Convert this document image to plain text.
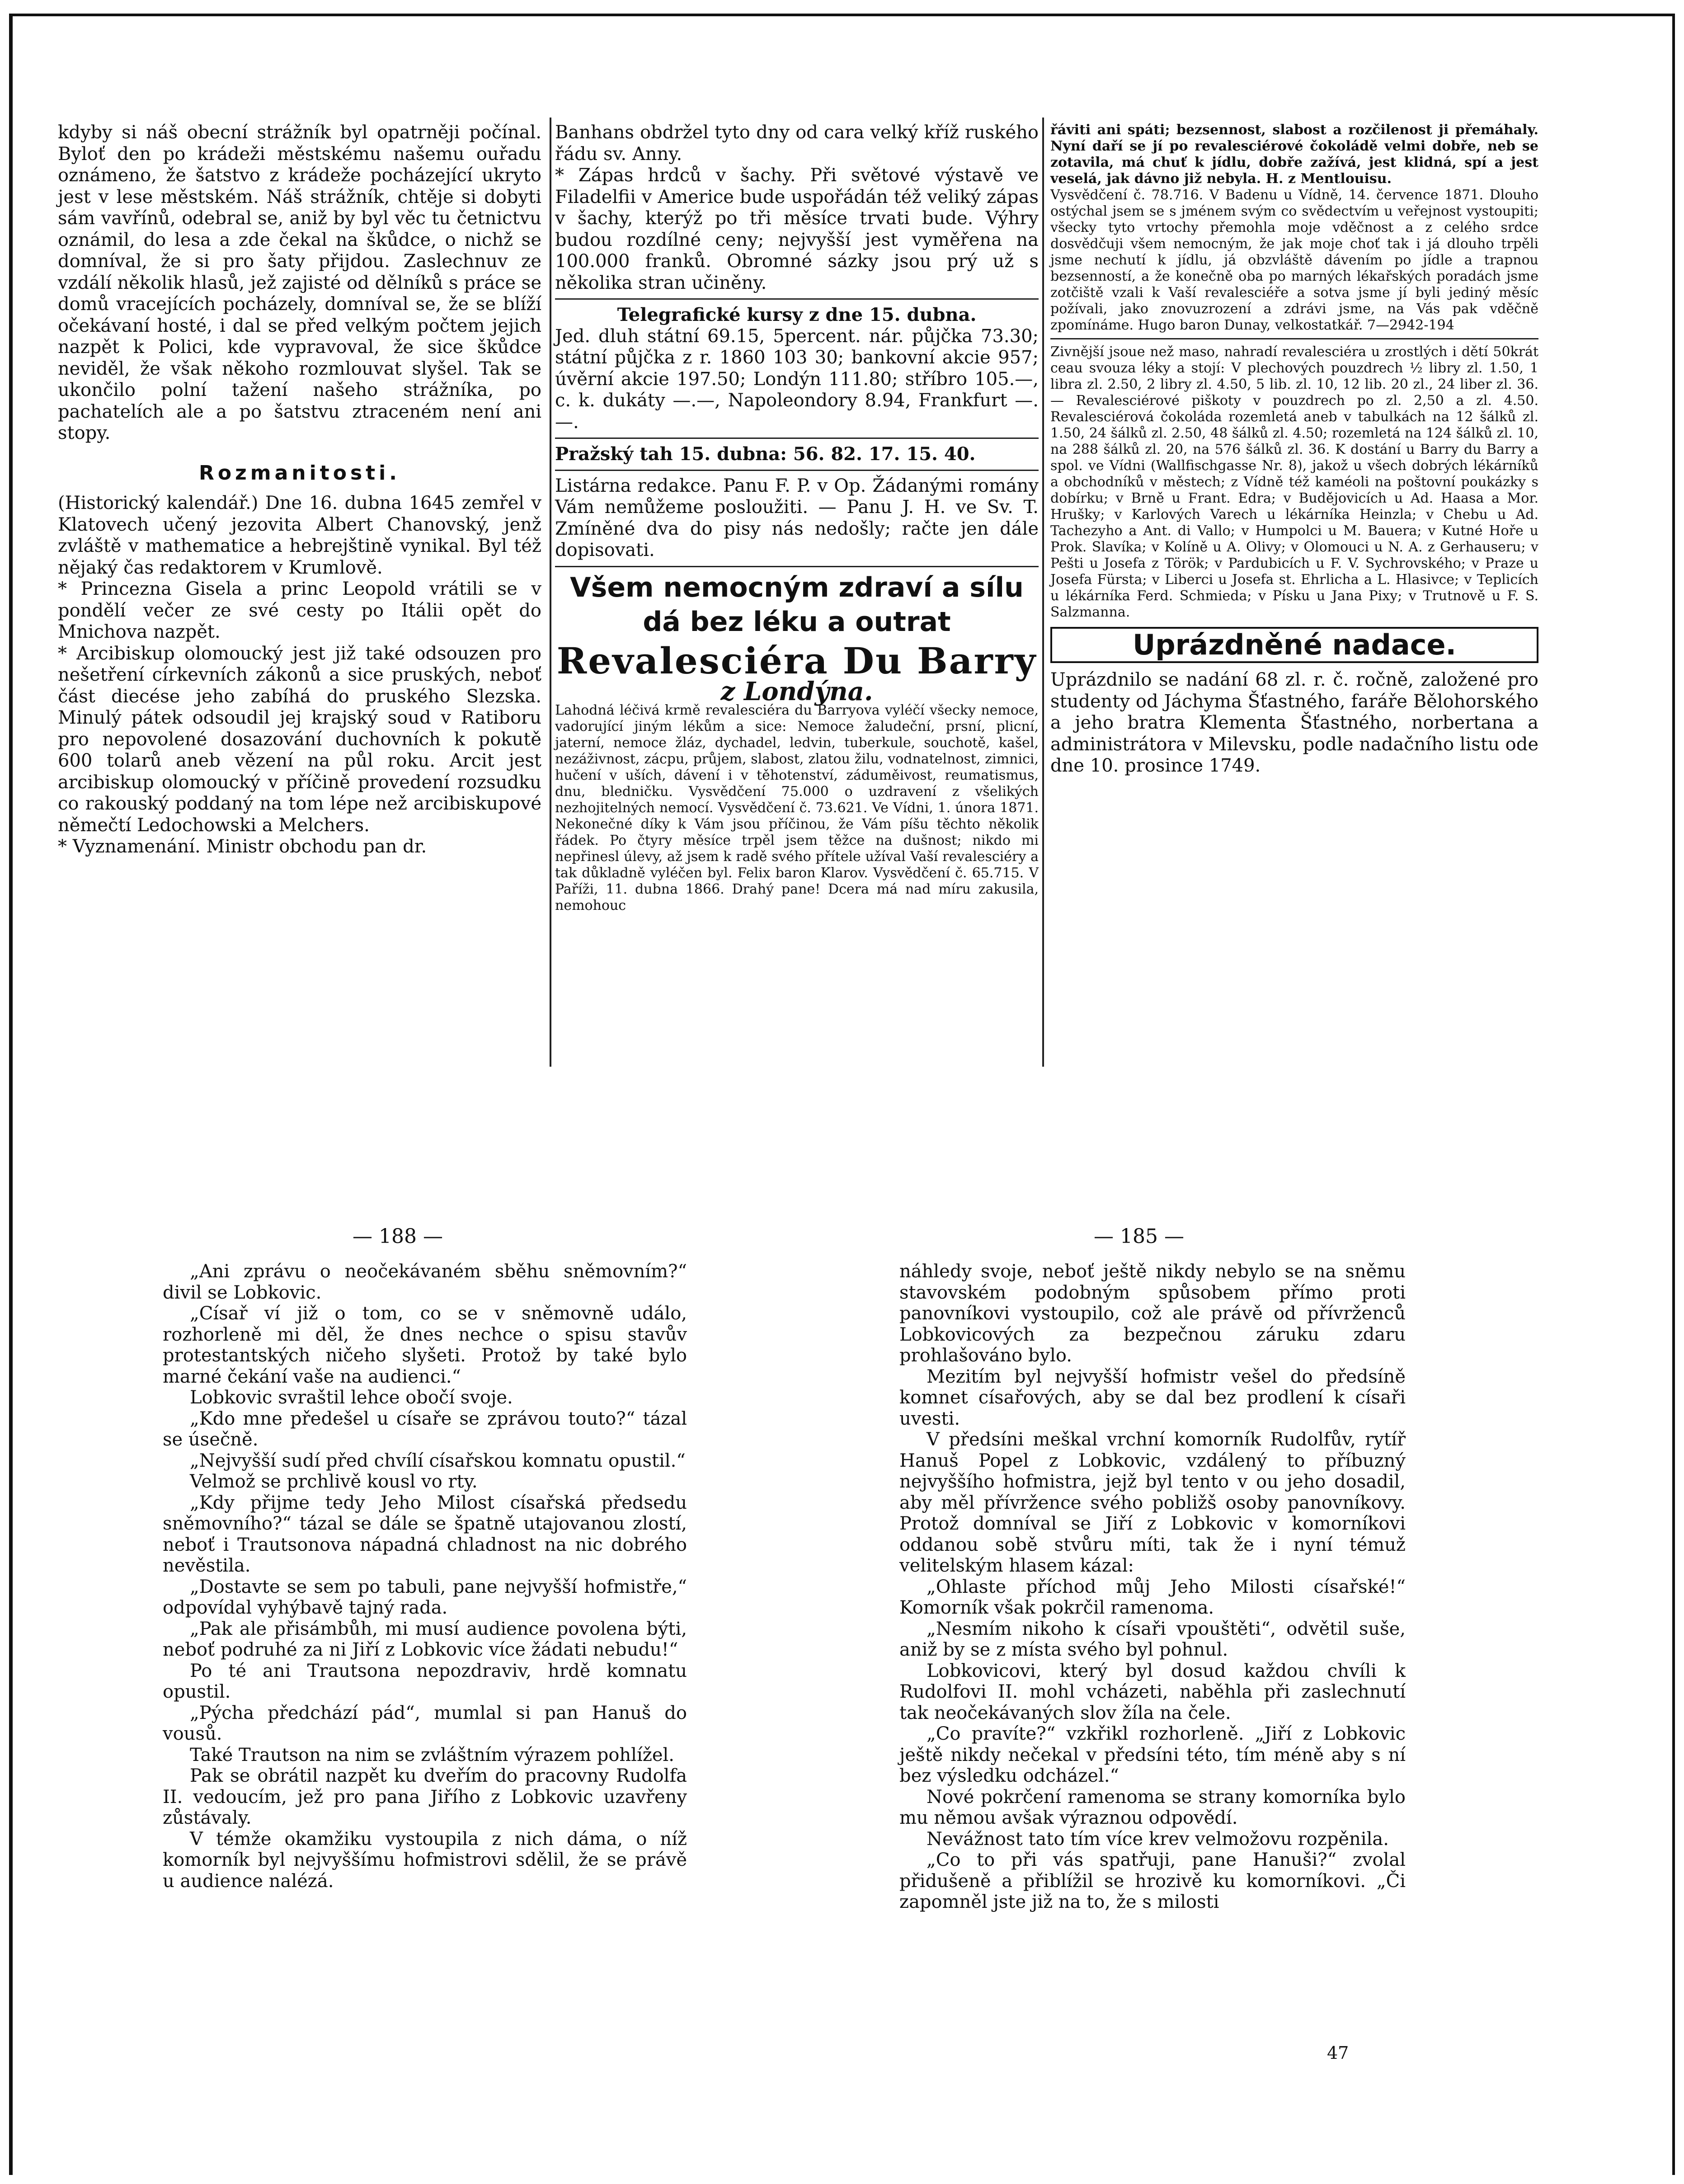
kdyby si náš obecní strážník byl opatrněji počínal. Byloť den po krádeži městskému našemu ouřadu oznámeno, že šatstvo z krádeže pocházející ukryto jest v lese městském. Náš strážník, chtěje si dobyti sám vavřínů, odebral se, aniž by byl věc tu četnictvu oznámil, do lesa a zde čekal na škůdce, o nichž se domníval, že si pro šaty přijdou. Zaslechnuv ze vzdálí několik hlasů, jež zajisté od dělníků s práce se domů vracejících pocházely, domníval se, že se blíží očekávaní hosté, i dal se před velkým počtem jejich nazpět k Polici, kde vypravoval, že sice škůdce neviděl, že však někoho rozmlouvat slyšel. Tak se ukončilo polní tažení našeho strážníka, po pachatelích ale a po šatstvu ztraceném není ani stopy.

Rozmanitosti.

(Historický kalendář.) Dne 16. dubna 1645 zemřel v Klatovech učený jezovita Albert Chanovský, jenž zvláště v mathematice a hebrejštině vynikal. Byl též nějaký čas redaktorem v Krumlově.

* Princezna Gisela a princ Leopold vrátili se v pondělí večer ze své cesty po Itálii opět do Mnichova nazpět.

* Arcibiskup olomoucký jest již také odsouzen pro nešetření církevních zákonů a sice pruských, neboť část diecése jeho zabíhá do pruského Slezska. Minulý pátek odsoudil jej krajský soud v Ratiboru pro nepovolené dosazování duchovních k pokutě 600 tolarů aneb vězení na půl roku. Arcit jest arcibiskup olomoucký v příčině provedení rozsudku co rakouský poddaný na tom lépe než arcibiskupové němečtí Ledochowski a Melchers.

* Vyznamenání. Ministr obchodu pan dr.

Banhans obdržel tyto dny od cara velký kříž ruského řádu sv. Anny.

* Zápas hrdců v šachy. Při světové výstavě ve Filadelfii v Americe bude uspořádán též veliký zápas v šachy, kterýž po tři měsíce trvati bude. Výhry budou rozdílné ceny; nejvyšší jest vyměřena na 100.000 franků. Obromné sázky jsou prý už s několika stran učiněny.

Telegrafické kursy z dne 15. dubna.

Jed. dluh státní 69.15, 5percent. nár. půjčka 73.30; státní půjčka z r. 1860 103 30; bankovní akcie 957; úvěrní akcie 197.50; Londýn 111.80; stříbro 105.—, c. k. dukáty —.—, Napoleondory 8.94, Frankfurt —.—.

Pražský tah 15. dubna: 56. 82. 17. 15. 40.

Listárna redakce. Panu F. P. v Op. Žádanými romány Vám nemůžeme posloužiti. — Panu J. H. ve Sv. T. Zmíněné dva do pisy nás nedošly; račte jen dále dopisovati.

Všem nemocným zdraví a sílu
dá bez léku a outrat
Revalesciéra Du Barry
z Londýna.

Lahodná léčivá krmě revalesciéra du Barryova vyléčí všecky nemoce, vadorující jiným lékům a sice: Nemoce žaludeční, prsní, plicní, jaterní, nemoce žláz, dychadel, ledvin, tuberkule, souchotě, kašel, nezáživnost, zácpu, průjem, slabost, zlatou žilu, vodnatelnost, zimnici, hučení v uších, dávení i v těhotenství, záduměivost, reumatismus, dnu, bledničku. Vysvědčení 75.000 o uzdravení z všelikých nezhojitelných nemocí. Vysvědčení č. 73.621. Ve Vídni, 1. února 1871. Nekonečné díky k Vám jsou příčinou, že Vám píšu těchto několik řádek. Po čtyry měsíce trpěl jsem těžce na dušnost; nikdo mi nepřinesl úlevy, až jsem k radě svého přítele užíval Vaší revalesciéry a tak důkladně vyléčen byl. Felix baron Klarov. Vysvědčení č. 65.715. V Paříži, 11. dubna 1866. Drahý pane! Dcera má nad míru zakusila, nemohouc

řáviti ani spáti; bezsennost, slabost a rozčilenost ji přemáhaly. Nyní daří se jí po revalesciérové čokoládě velmi dobře, neb se zotavila, má chuť k jídlu, dobře zažívá, jest klidná, spí a jest veselá, jak dávno již nebyla. H. z Mentlouisu.

Vysvědčení č. 78.716. V Badenu u Vídně, 14. července 1871. Dlouho ostýchal jsem se s jménem svým co svědectvím u veřejnost vystoupiti; všecky tyto vrtochy přemohla moje vděčnost a z celého srdce dosvědčuji všem nemocným, že jak moje choť tak i já dlouho trpěli jsme nechutí k jídlu, já obzvláště dávením po jídle a trapnou bezsenností, a že konečně oba po marných lékařských poradách jsme zotčiště vzali k Vaší revalesciéře a sotva jsme jí byli jediný měsíc požívali, jako znovuzrození a zdrávi jsme, na Vás pak vděčně zpomínáme. Hugo baron Dunay, velkostatkář. 7—2942-194

Zivnější jsoue než maso, nahradí revalesciéra u zrostlých i dětí 50krát ceau svouza léky a stojí: V plechových pouzdrech ½ libry zl. 1.50, 1 libra zl. 2.50, 2 libry zl. 4.50, 5 lib. zl. 10, 12 lib. 20 zl., 24 liber zl. 36. — Revalesciérové piškoty v pouzdrech po zl. 2,50 a zl. 4.50. Revalesciérová čokoláda rozemletá aneb v tabulkách na 12 šálků zl. 1.50, 24 šálků zl. 2.50, 48 šálků zl. 4.50; rozemletá na 124 šálků zl. 10, na 288 šálků zl. 20, na 576 šálků zl. 36. K dostání u Barry du Barry a spol. ve Vídni (Wallfischgasse Nr. 8), jakož u všech dobrých lékárníků a obchodníků v městech; z Vídně též kaméoli na poštovní poukázky s dobírku; v Brně u Frant. Edra; v Budějovicích u Ad. Haasa a Mor. Hrušky; v Karlových Varech u lékárníka Heinzla; v Chebu u Ad. Tachezyho a Ant. di Vallo; v Humpolci u M. Bauera; v Kutné Hoře u Prok. Slavíka; v Kolíně u A. Olivy; v Olomouci u N. A. z Gerhauseru; v Pešti u Josefa z Török; v Pardubicích u F. V. Sychrovského; v Praze u Josefa Fürsta; v Liberci u Josefa st. Ehrlicha a L. Hlasivce; v Teplicích u lékárníka Ferd. Schmieda; v Písku u Jana Pixy; v Trutnově u F. S. Salzmanna.

Uprázdněné nadace.

Uprázdnilo se nadání 68 zl. r. č. ročně, založené pro studenty od Jáchyma Šťastného, faráře Bělohorského a jeho bratra Klementa Šťastného, norbertana a administrátora v Milevsku, podle nadačního listu ode dne 10. prosince 1749.

— 188 —	— 185 —

„Ani zprávu o neočekávaném sběhu sněmovním?“ divil se Lobkovic.

„Císař ví již o tom, co se v sněmovně událo, rozhorleně mi děl, že dnes nechce o spisu stavův protestantských ničeho slyšeti. Protož by také bylo marné čekání vaše na audienci.“

Lobkovic svraštil lehce obočí svoje.

„Kdo mne předešel u císaře se zprávou touto?“ tázal se úsečně.

„Nejvyšší sudí před chvílí císařskou komnatu opustil.“

Velmož se prchlivě kousl vo rty.

„Kdy přijme tedy Jeho Milost císařská předsedu sněmovního?“ tázal se dále se špatně utajovanou zlostí, neboť i Trautsonova nápadná chladnost na nic dobrého nevěstila.

„Dostavte se sem po tabuli, pane nejvyšší hofmistře,“ odpovídal vyhýbavě tajný rada.

„Pak ale přisámbůh, mi musí audience povolena býti, neboť podruhé za ni Jiří z Lobkovic více žádati nebudu!“

Po té ani Trautsona nepozdraviv, hrdě komnatu opustil.

„Pýcha předchází pád“, mumlal si pan Hanuš do vousů.

Také Trautson na nim se zvláštním výrazem pohlížel.

Pak se obrátil nazpět ku dveřím do pracovny Rudolfa II. vedoucím, jež pro pana Jiřího z Lobkovic uzavřeny zůstávaly.

V témže okamžiku vystoupila z nich dáma, o níž komorník byl nejvyššímu hofmistrovi sdělil, že se právě u audience nalézá.

náhledy svoje, neboť ještě nikdy nebylo se na sněmu stavovském podobným spůsobem přímo proti panovníkovi vystoupilo, což ale právě od přívrženců Lobkovicových za bezpečnou záruku zdaru prohlašováno bylo.

Mezitím byl nejvyšší hofmistr vešel do předsíně komnet císařových, aby se dal bez prodlení k císaři uvesti.

V předsíni meškal vrchní komorník Rudolfův, rytíř Hanuš Popel z Lobkovic, vzdálený to příbuzný nejvyššího hofmistra, jejž byl tento v ou jeho dosadil, aby měl přívržence svého pobližš osoby panovníkovy. Protož domníval se Jiří z Lobkovic v komorníkovi oddanou sobě stvůru míti, tak že i nyní témuž velitelským hlasem kázal:

„Ohlaste příchod můj Jeho Milosti císařské!“ Komorník však pokrčil ramenoma.

„Nesmím nikoho k císaři vpouštěti“, odvětil suše, aniž by se z místa svého byl pohnul.

Lobkovicovi, který byl dosud každou chvíli k Rudolfovi II. mohl vcházeti, naběhla při zaslechnutí tak neočekávaných slov žíla na čele.

„Co pravíte?“ vzkřikl rozhorleně. „Jiří z Lobkovic ještě nikdy nečekal v předsíni této, tím méně aby s ní bez výsledku odcházel.“

Nové pokrčení ramenoma se strany komorníka bylo mu němou avšak výraznou odpovědí.

Nevážnost tato tím více krev velmožovu rozpěnila.

„Co to při vás spatřuji, pane Hanuši?“ zvolal přidušeně a přiblížil se hrozivě ku komorníkovi. „Či zapomněl jste již na to, že s milosti

47
